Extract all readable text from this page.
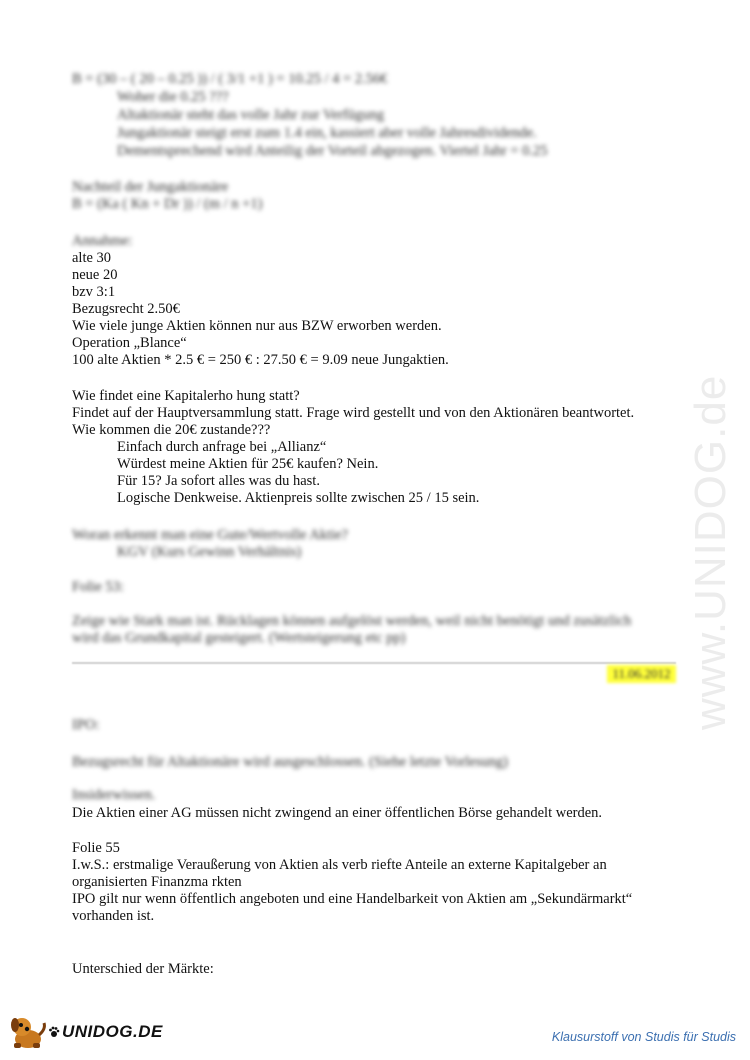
B = (30 – ( 20 – 0.25 )) / ( 3/1 +1 ) = 10.25 / 4 = 2.56€
Woher die 0.25 ???
Altaktionär steht das volle Jahr zur Verfügung
Jungaktionär steigt erst zum 1.4 ein, kassiert aber volle Jahresdividende.
Dementsprechend wird Anteilig der Vorteil abgezogen. Viertel Jahr = 0.25
Nachteil der Jungaktionäre
B = (Ka ( Kn + Dr )) / (m / n +1)
Annahme:
alte 30
neue 20
bzv 3:1
Bezugsrecht 2.50€
Wie viele junge Aktien können nur aus BZW erworben werden.
Operation „Blance“
100 alte Aktien * 2.5 € = 250 € : 27.50 € = 9.09 neue Jungaktien.
Wie findet eine Kapitalerho hung statt?
Findet auf der Hauptversammlung statt. Frage wird gestellt und von den Aktionären beantwortet.
Wie kommen die 20€ zustande???
Einfach durch anfrage bei „Allianz“
Würdest meine Aktien für 25€ kaufen? Nein.
Für 15? Ja sofort alles was du hast.
Logische Denkweise. Aktienpreis sollte zwischen 25 / 15 sein.
Woran erkennt man eine Gute/Wertvolle Aktie?
KGV (Kurs Gewinn Verhältnis)
Folie 53:
Zeige wie Stark man ist. Rücklagen können aufgelöst werden, weil nicht benötigt und zusätzlich
wird das Grundkapital gesteigert. (Wertsteigerung etc pp)
11.06.2012
IPO:
Bezugsrecht für Altaktionäre wird ausgeschlossen. (Siehe letzte Vorlesung)
Insiderwissen.
Die Aktien einer AG müssen nicht zwingend an einer öffentlichen Börse gehandelt werden.
Folie 55
I.w.S.: erstmalige Veraußerung von Aktien als verb riefte Anteile an externe Kapitalgeber an
organisierten Finanzma rkten
IPO gilt nur wenn öffentlich angeboten und eine Handelbarkeit von Aktien am „Sekundärmarkt“
vorhanden ist.
Unterschied der Märkte:
www.UNIDOG.de
UNIDOG.DE	Klausurstoff von Studis für Studis
